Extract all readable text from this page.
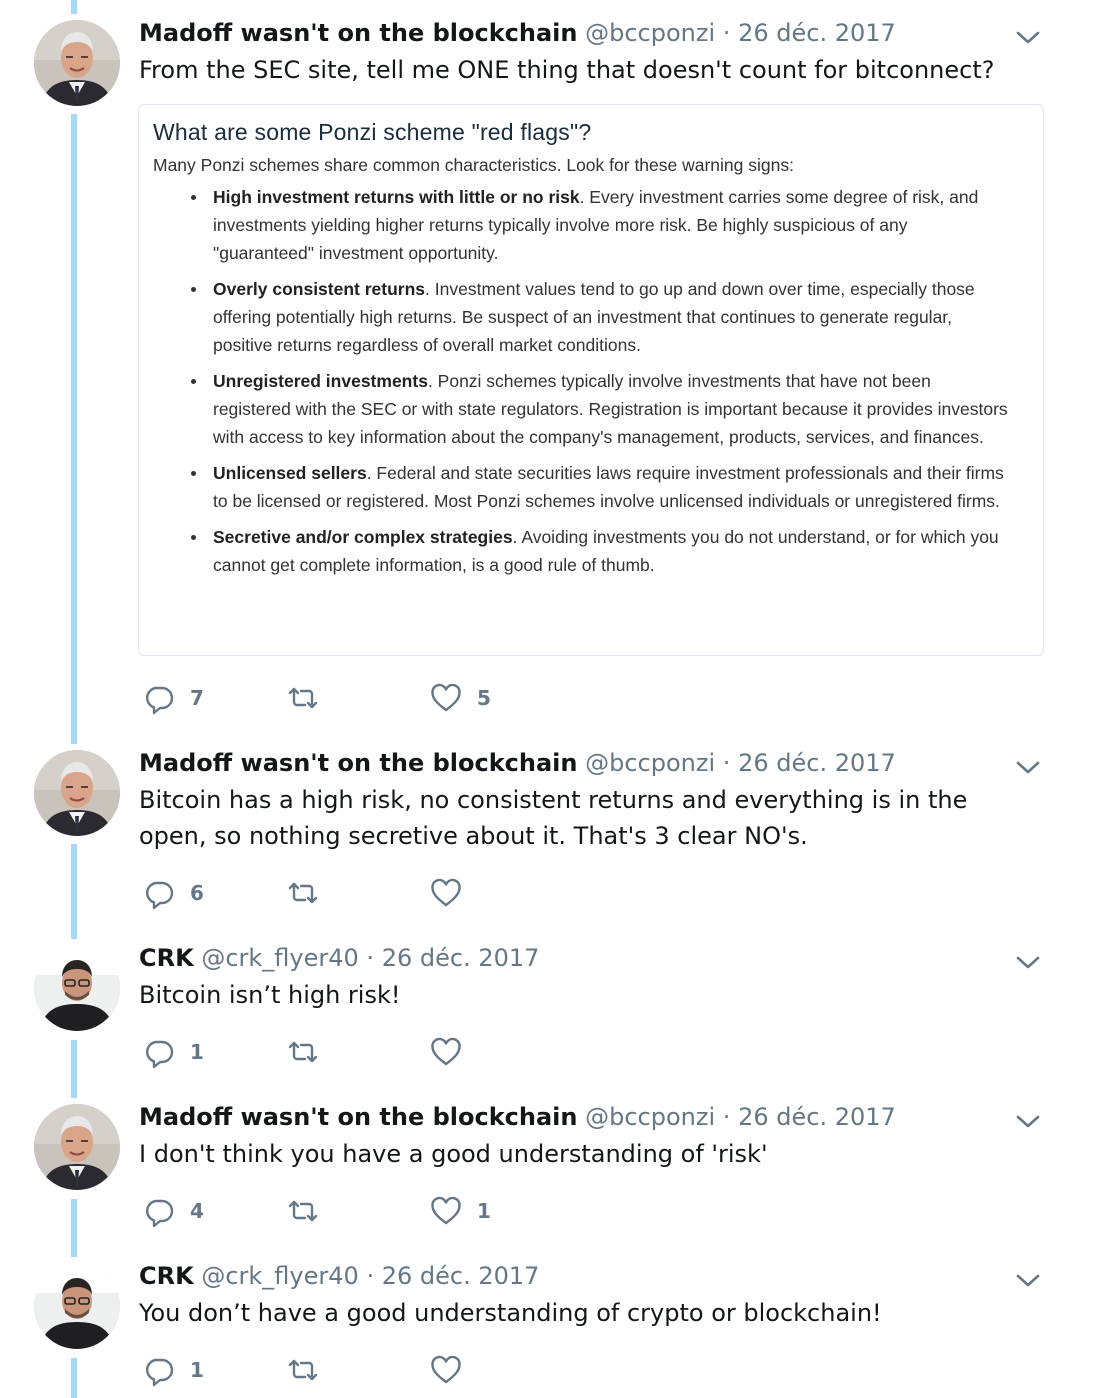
Madoff wasn't on the blockchain @bccponzi · 26 déc. 2017
From the SEC site, tell me ONE thing that doesn't count for bitconnect?
What are some Ponzi scheme "red flags"?
Many Ponzi schemes share common characteristics. Look for these warning signs:
High investment returns with little or no risk. Every investment carries some degree of risk, and investments yielding higher returns typically involve more risk. Be highly suspicious of any "guaranteed" investment opportunity.
Overly consistent returns. Investment values tend to go up and down over time, especially those offering potentially high returns. Be suspect of an investment that continues to generate regular, positive returns regardless of overall market conditions.
Unregistered investments. Ponzi schemes typically involve investments that have not been registered with the SEC or with state regulators. Registration is important because it provides investors with access to key information about the company's management, products, services, and finances.
Unlicensed sellers. Federal and state securities laws require investment professionals and their firms to be licensed or registered. Most Ponzi schemes involve unlicensed individuals or unregistered firms.
Secretive and/or complex strategies. Avoiding investments you do not understand, or for which you cannot get complete information, is a good rule of thumb.
7	5
Madoff wasn't on the blockchain @bccponzi · 26 déc. 2017
Bitcoin has a high risk, no consistent returns and everything is in the open, so nothing secretive about it. That's 3 clear NO's.
6
CRK @crk_flyer40 · 26 déc. 2017
Bitcoin isn’t high risk!
1
Madoff wasn't on the blockchain @bccponzi · 26 déc. 2017
I don't think you have a good understanding of 'risk'
4	1
CRK @crk_flyer40 · 26 déc. 2017
You don’t have a good understanding of crypto or blockchain!
1
